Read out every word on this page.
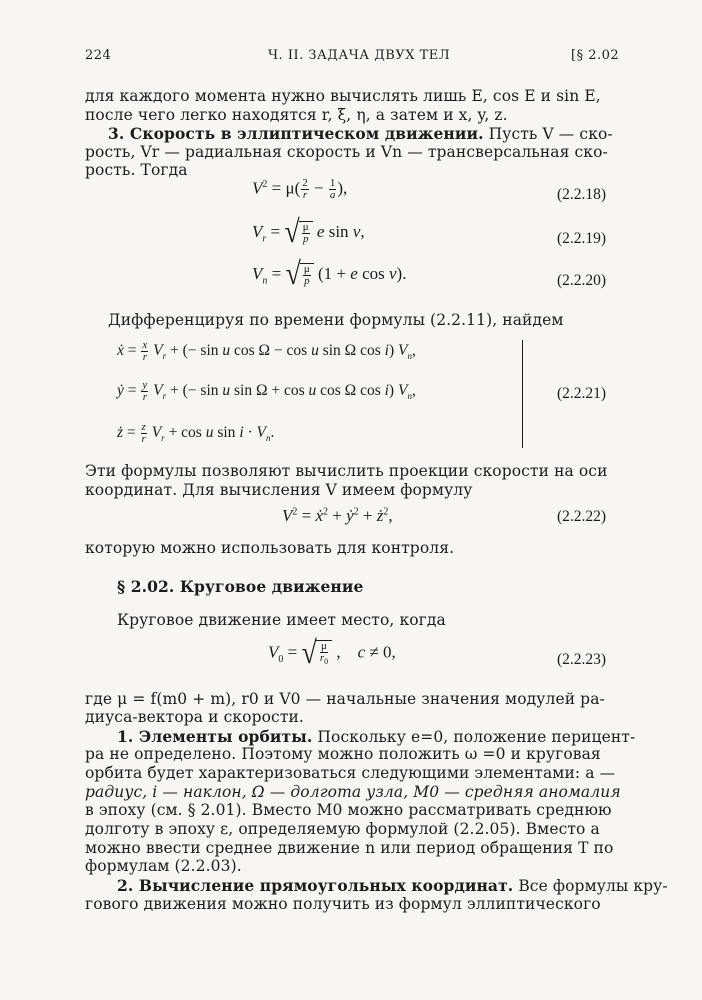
224	Ч. II. ЗАДАЧА ДВУХ ТЕЛ	[§ 2.02
для каждого момента нужно вычислять лишь E, cos E и sin E,
после чего легко находятся r, ξ, η, а затем и x, y, z.
3. Скорость в эллиптическом движении. Пусть V — ско-
рость, Vr — радиальная скорость и Vn — трансверсальная ско-
рость. Тогда
$V^2 = \mu( \frac{2}{r} - \frac{1}{a}$ ),	(2.2.18)
$V_r$ = √ $\frac{\mu}{p}$ e sin v,	(2.2.19)
$V_n$ = √ $\frac{\mu}{p} (1 + e$ cos v).	(2.2.20)
Дифференцируя по времени формулы (2.2.11), найдем
ẋ = $\frac{x}{r} V_r$ + (− sin u cos Ω − cos u sin Ω cos i) $V_n$,
ẏ = $\frac{y}{r} V_r$ + (− sin u sin Ω + cos u cos Ω cos i) $V_n$,
ż = $\frac{z}{r} V_r + \cos u$ $\sin i \cdot V_n$.
(2.2.21)
Эти формулы позволяют вычислить проекции скорости на оси
координат. Для вычисления V имеем формулу
$V^2$ = ẋ$^2$ + ẏ$^2$ + $ż^2$,	(2.2.22)
которую можно использовать для контроля.
§ 2.02. Круговое движение
Круговое движение имеет место, когда
$V_0$ = √ $\frac{\mu}{r_0}$ ,    c ≠ 0,	(2.2.23)
где μ = f(m0 + m), r0 и V0 — начальные значения модулей ра-
диуса-вектора и скорости.
1. Элементы орбиты. Поскольку e=0, положение перицент-
ра не определено. Поэтому можно положить ω =0 и круговая
орбита будет характеризоваться следующими элементами: a —
радиус, i — наклон, Ω — долгота узла, M0 — средняя аномалия
в эпоху (см. § 2.01). Вместо M0 можно рассматривать среднюю
долготу в эпоху ε, определяемую формулой (2.2.05). Вместо a
можно ввести среднее движение n или период обращения T по
формулам (2.2.03).
2. Вычисление прямоугольных координат. Все формулы кру-
гового движения можно получить из формул эллиптического
